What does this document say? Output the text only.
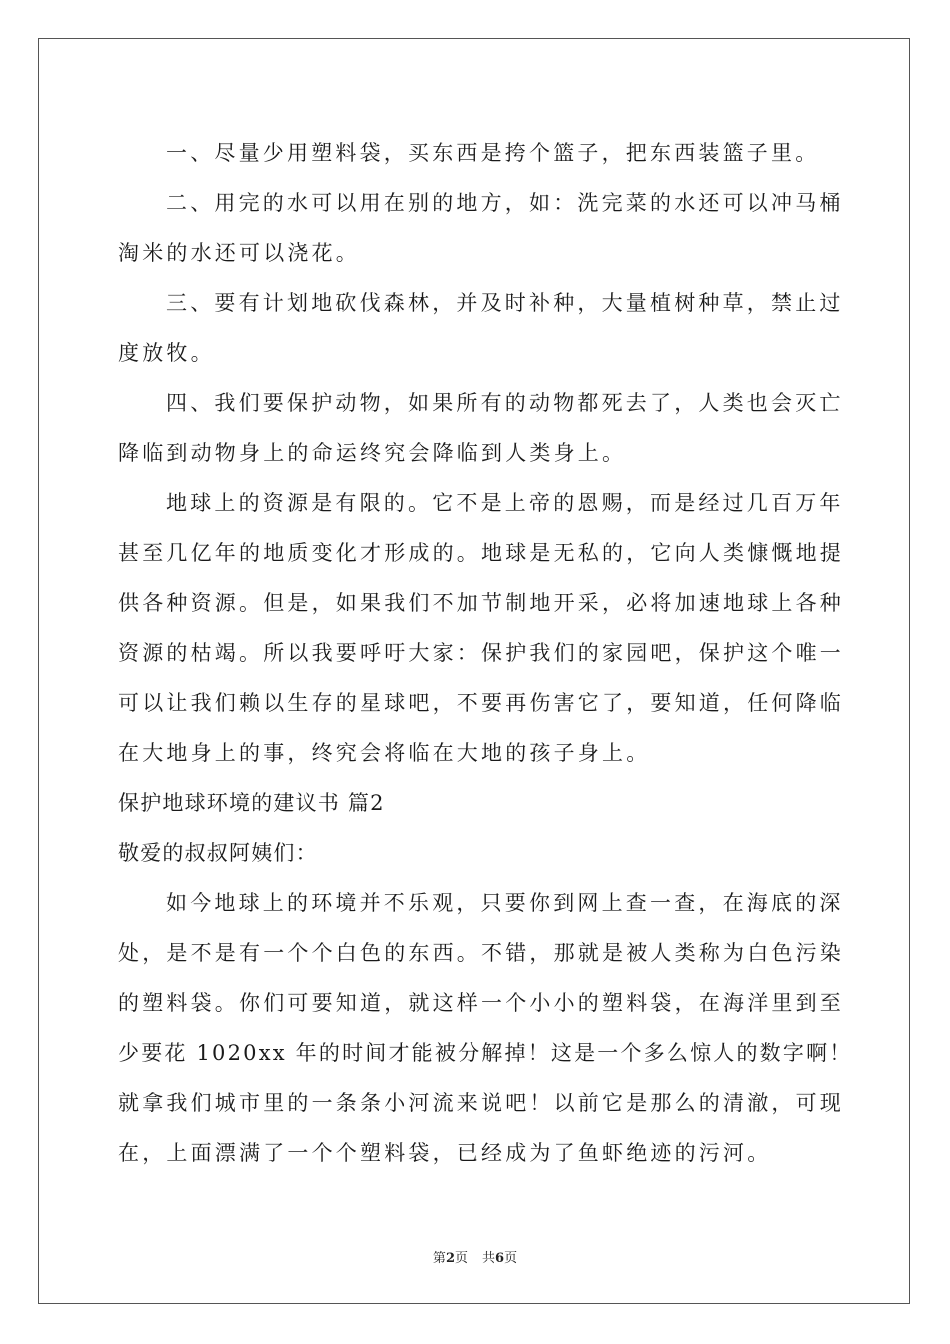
一、尽量少用塑料袋，买东西是挎个篮子，把东西装篮子里。
二、用完的水可以用在别的地方，如：洗完菜的水还可以冲马桶
淘米的水还可以浇花。
三、要有计划地砍伐森林，并及时补种，大量植树种草，禁止过
度放牧。
四、我们要保护动物，如果所有的动物都死去了，人类也会灭亡
降临到动物身上的命运终究会降临到人类身上。
地球上的资源是有限的。它不是上帝的恩赐，而是经过几百万年
甚至几亿年的地质变化才形成的。地球是无私的，它向人类慷慨地提
供各种资源。但是，如果我们不加节制地开采，必将加速地球上各种
资源的枯竭。所以我要呼吁大家：保护我们的家园吧，保护这个唯一
可以让我们赖以生存的星球吧，不要再伤害它了，要知道，任何降临
在大地身上的事，终究会将临在大地的孩子身上。
保护地球环境的建议书 篇2
敬爱的叔叔阿姨们：
如今地球上的环境并不乐观，只要你到网上查一查，在海底的深
处，是不是有一个个白色的东西。不错，那就是被人类称为白色污染
的塑料袋。你们可要知道，就这样一个小小的塑料袋，在海洋里到至
少要花 1020xx 年的时间才能被分解掉！这是一个多么惊人的数字啊！
就拿我们城市里的一条条小河流来说吧！以前它是那么的清澈，可现
在，上面漂满了一个个塑料袋，已经成为了鱼虾绝迹的污河。
第2页 共6页
